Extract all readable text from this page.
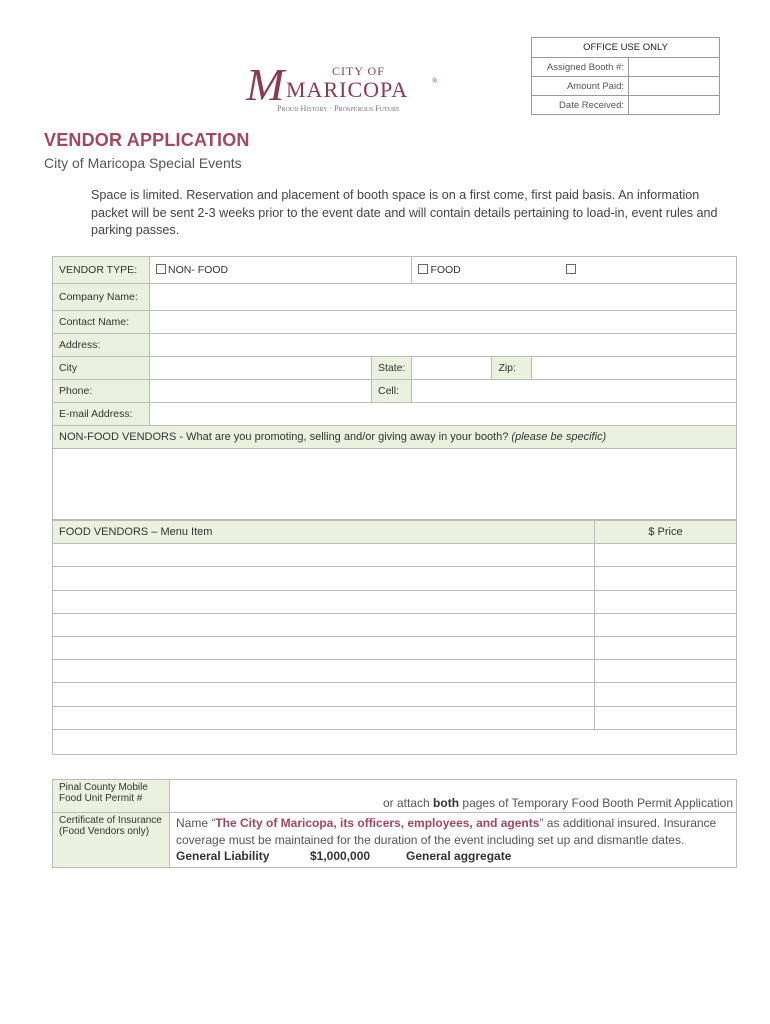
OFFICE USE ONLY	
Assigned Booth #:	
Amount Paid:	
Date Received:	
CITY OF
M MARICOPA	®
Proud History · Prosperous Future
VENDOR APPLICATION
City of Maricopa Special Events
Space is limited. Reservation and placement of booth space is on a first come, first paid basis. An information packet will be sent 2-3 weeks prior to the event date and will contain details pertaining to load-in, event rules and parking passes.
VENDOR TYPE:	NON- FOOD		FOOD		
Company Name:					
Contact Name:					
Address:					
City		State:		Zip:	
Phone:		Cell:			
E-mail Address:					
NON-FOOD VENDORS - What are you promoting, selling and/or giving away in your booth? (please be specific)					

FOOD VENDORS – Menu Item	$ Price

Pinal County Mobile Food Unit Permit #	or attach both pages of Temporary Food Booth Permit Application
Certificate of Insurance (Food Vendors only)	Name “The City of Maricopa, its officers, employees, and agents” as additional insured. Insurance coverage must be maintained for the duration of the event including set up and dismantle dates.
General Liability $1,000,000 General aggregate
